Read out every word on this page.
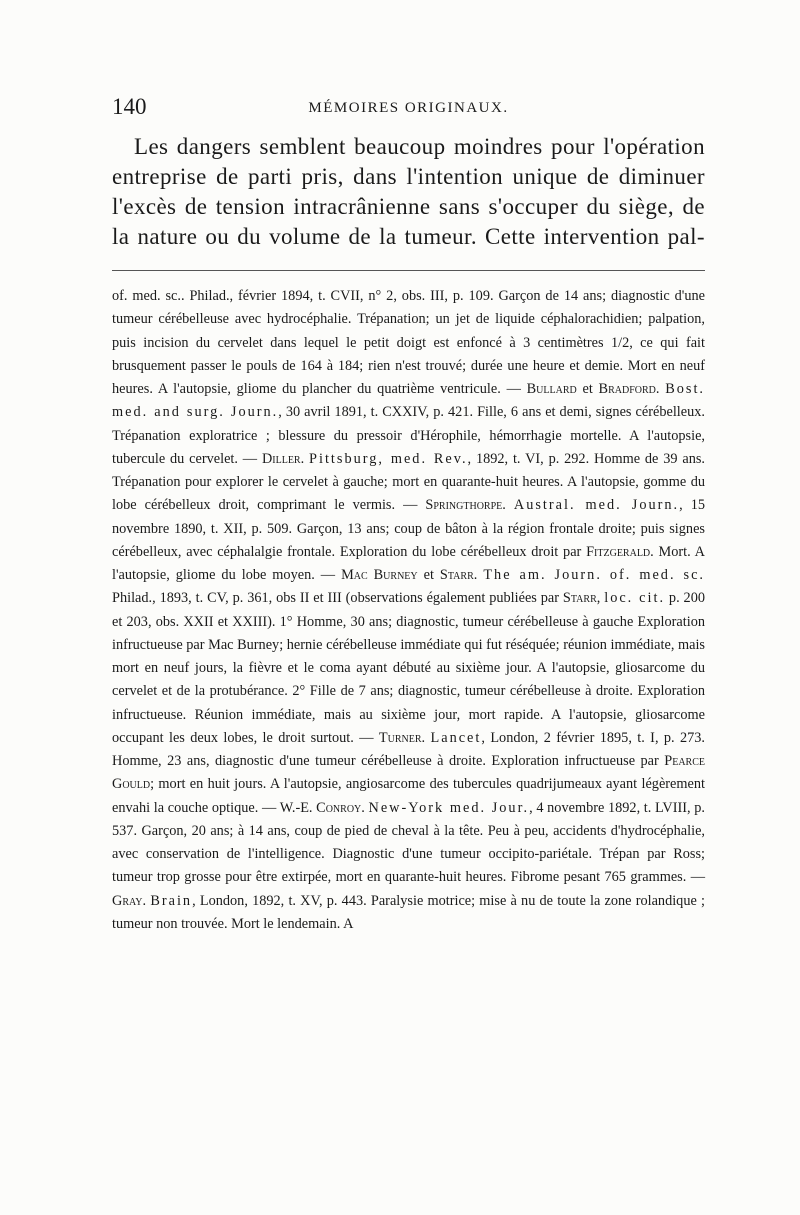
140	MÉMOIRES ORIGINAUX.

Les dangers semblent beaucoup moindres pour l'opération entreprise de parti pris, dans l'intention unique de diminuer l'excès de tension intracrânienne sans s'occuper du siège, de la nature ou du volume de la tumeur. Cette intervention pal-

of. med. sc.. Philad., février 1894, t. CVII, n° 2, obs. III, p. 109. Garçon de 14 ans; diagnostic d'une tumeur cérébelleuse avec hydrocéphalie. Trépanation; un jet de liquide céphalorachidien; palpation, puis incision du cervelet dans lequel le petit doigt est enfoncé à 3 centimètres 1/2, ce qui fait brusquement passer le pouls de 164 à 184; rien n'est trouvé; durée une heure et demie. Mort en neuf heures. A l'autopsie, gliome du plancher du quatrième ventricule. — Bullard et Bradford. Bost. med. and surg. Journ., 30 avril 1891, t. CXXIV, p. 421. Fille, 6 ans et demi, signes cérébelleux. Trépanation exploratrice ; blessure du pressoir d'Hérophile, hémorrhagie mortelle. A l'autopsie, tubercule du cervelet. — Diller. Pittsburg, med. Rev., 1892, t. VI, p. 292. Homme de 39 ans. Trépanation pour explorer le cervelet à gauche; mort en quarante-huit heures. A l'autopsie, gomme du lobe cérébelleux droit, comprimant le vermis. — Springthorpe. Austral. med. Journ., 15 novembre 1890, t. XII, p. 509. Garçon, 13 ans; coup de bâton à la région frontale droite; puis signes cérébelleux, avec céphalalgie frontale. Exploration du lobe cérébelleux droit par Fitzgerald. Mort. A l'autopsie, gliome du lobe moyen. — Mac Burney et Starr. The am. Journ. of. med. sc. Philad., 1893, t. CV, p. 361, obs II et III (observations également publiées par Starr, loc. cit. p. 200 et 203, obs. XXII et XXIII). 1° Homme, 30 ans; diagnostic, tumeur cérébelleuse à gauche Exploration infructueuse par Mac Burney; hernie cérébelleuse immédiate qui fut réséquée; réunion immédiate, mais mort en neuf jours, la fièvre et le coma ayant débuté au sixième jour. A l'autopsie, gliosarcome du cervelet et de la protubérance. 2° Fille de 7 ans; diagnostic, tumeur cérébelleuse à droite. Exploration infructueuse. Réunion immédiate, mais au sixième jour, mort rapide. A l'autopsie, gliosarcome occupant les deux lobes, le droit surtout. — Turner. Lancet, London, 2 février 1895, t. I, p. 273. Homme, 23 ans, diagnostic d'une tumeur cérébelleuse à droite. Exploration infructueuse par Pearce Gould; mort en huit jours. A l'autopsie, angiosarcome des tubercules quadrijumeaux ayant légèrement envahi la couche optique. — W.-E. Conroy. New-York med. Jour., 4 novembre 1892, t. LVIII, p. 537. Garçon, 20 ans; à 14 ans, coup de pied de cheval à la tête. Peu à peu, accidents d'hydrocéphalie, avec conservation de l'intelligence. Diagnostic d'une tumeur occipito-pariétale. Trépan par Ross; tumeur trop grosse pour être extirpée, mort en quarante-huit heures. Fibrome pesant 765 grammes. — Gray. Brain, London, 1892, t. XV, p. 443. Paralysie motrice; mise à nu de toute la zone rolandique ; tumeur non trouvée. Mort le lendemain. A
